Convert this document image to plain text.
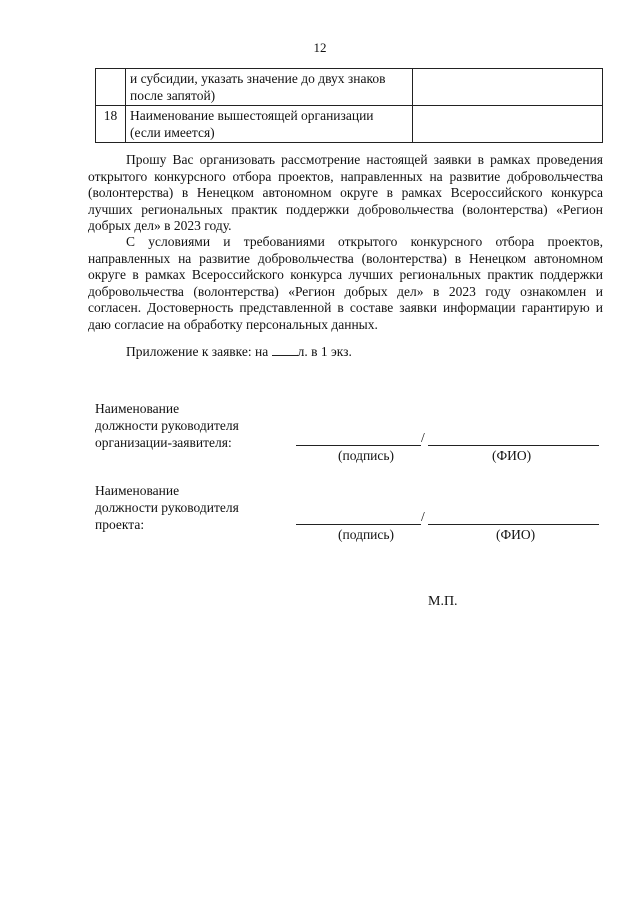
12

	и субсидии, указать значение до двух знаков
после запятой)	

18	Наименование вышестоящей организации
(если имеется)	

Прошу Вас организовать рассмотрение настоящей заявки в рамках проведения открытого конкурсного отбора проектов, направленных на развитие добровольчества (волонтерства) в Ненецком автономном округе в рамках Всероссийского конкурса лучших региональных практик поддержки добровольчества (волонтерства) «Регион добрых дел» в 2023 году.

С условиями и требованиями открытого конкурсного отбора проектов, направленных на развитие добровольчества (волонтерства) в Ненецком автономном округе в рамках Всероссийского конкурса лучших региональных практик поддержки добровольчества (волонтерства) «Регион добрых дел» в 2023 году ознакомлен и согласен. Достоверность представленной в составе заявки информации гарантирую и даю согласие на обработку персональных данных.

Приложение к заявке: на л. в 1 экз.
Наименование
должности руководителя
организации-заявителя:	/
(подпись)	(ФИО)
Наименование
должности руководителя
проекта:
/
(подпись)	(ФИО)
М.П.
